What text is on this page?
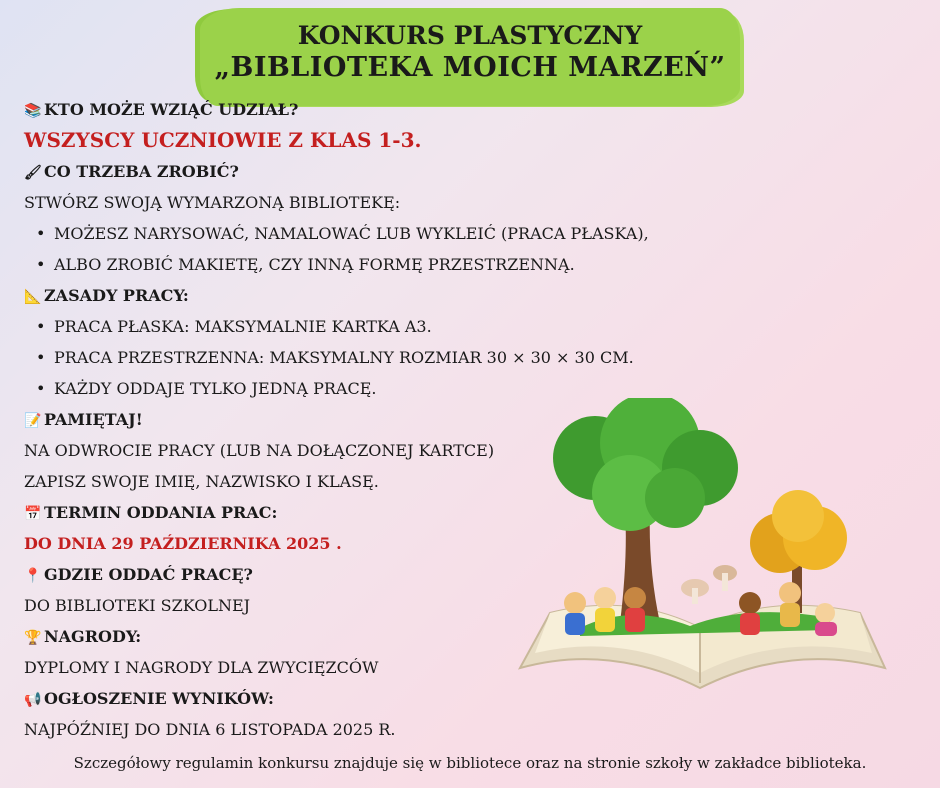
KONKURS PLASTYCZNY
„BIBLIOTEKA MOICH MARZEŃ”
📚 KTO MOŻE WZIĄĆ UDZIAŁ?
WSZYSCY UCZNIOWIE Z KLAS 1-3.
🖌 CO TRZEBA ZROBIĆ?
STWÓRZ SWOJĄ WYMARZONĄ BIBLIOTEKĘ:
• MOŻESZ NARYSOWAĆ, NAMALOWAĆ LUB WYKLEIĆ (PRACA PŁASKA),
• ALBO ZROBIĆ MAKIETĘ, CZY INNĄ FORMĘ PRZESTRZENNĄ.
📐 ZASADY PRACY:
• PRACA PŁASKA: MAKSYMALNIE KARTKA A3.
• PRACA PRZESTRZENNA: MAKSYMALNY ROZMIAR 30 × 30 × 30 CM.
• KAŻDY ODDAJE TYLKO JEDNĄ PRACĘ.
📝 PAMIĘTAJ!
NA ODWROCIE PRACY (LUB NA DOŁĄCZONEJ KARTCE)
ZAPISZ SWOJE IMIĘ, NAZWISKO I KLASĘ.
📅 TERMIN ODDANIA PRAC:
DO DNIA 29 PAŹDZIERNIKA 2025 .
📍 GDZIE ODDAĆ PRACĘ?
DO BIBLIOTEKI SZKOLNEJ
🏆 NAGRODY:
DYPLOMY I NAGRODY DLA ZWYCIĘZCÓW
📢 OGŁOSZENIE WYNIKÓW:
NAJPÓŹNIEJ DO DNIA 6 LISTOPADA 2025 R.
Szczegółowy regulamin konkursu znajduje się w bibliotece oraz na stronie szkoły w zakładce biblioteka.
